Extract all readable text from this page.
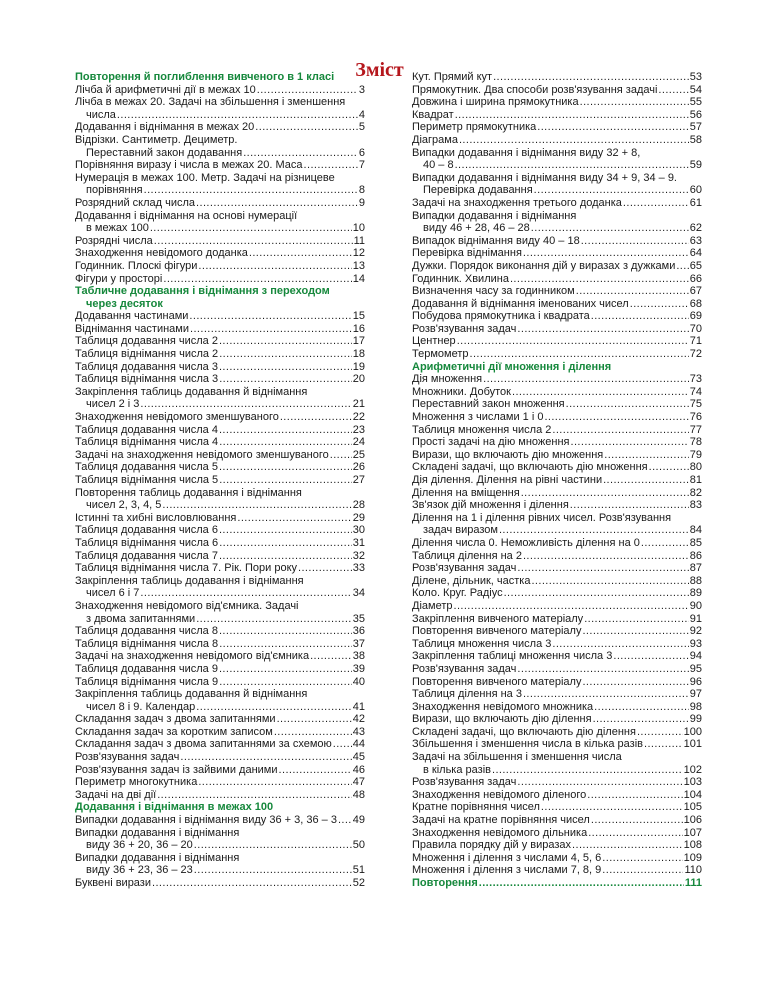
Зміст
Повторення й поглиблення вивченого в 1 класі
Лічба й арифметичні дії в межах 10 .....	3
Лічба в межах 20. Задачі на збільшення і зменшення
числа .....	4
Додавання і віднімання в межах 20 .....	5
Відрізки. Сантиметр. Дециметр.
Переставний закон додавання .....	6
Порівняння виразу і числа в межах 20. Маса .....	7
Нумерація в межах 100. Метр. Задачі на різницеве
порівняння .....	8
Розрядний склад числа .....	9
Додавання і віднімання на основі нумерації
в межах 100 .....	10
Розрядні числа .....	11
Знаходження невідомого доданка .....	12
Годинник. Плоскі фігури .....	13
Фігури у просторі .....	14
Табличне додавання і віднімання з переходом
через десяток
Додавання частинами .....	15
Віднімання частинами .....	16
Таблиця додавання числа 2 .....	17
Таблиця віднімання числа 2 .....	18
Таблиця додавання числа 3 .....	19
Таблиця віднімання числа 3 .....	20
Закріплення таблиць додавання й віднімання
чисел 2 і 3 .....	21
Знаходження невідомого зменшуваного .....	22
Таблиця додавання числа 4 .....	23
Таблиця віднімання числа 4 .....	24
Задачі на знаходження невідомого зменшуваного ..... 25
Таблиця додавання числа 5 .....	26
Таблиця віднімання числа 5 .....	27
Повторення таблиць додавання і віднімання
чисел 2, 3, 4, 5 .....	28
Істинні та хибні висловлювання .....	29
Таблиця додавання числа 6 .....	30
Таблиця віднімання числа 6 .....	31
Таблиця додавання числа 7 .....	32
Таблиця віднімання числа 7. Рік. Пори року .....	33
Закріплення таблиць додавання і віднімання
чисел 6 і 7 .....	34
Знаходження невідомого від'ємника. Задачі
з двома запитаннями .....	35
Таблиця додавання числа 8 .....	36
Таблиця віднімання числа 8 .....	37
Задачі на знаходження невідомого від'ємника .....	38
Таблиця додавання числа 9 .....	39
Таблиця віднімання числа 9 .....	40
Закріплення таблиць додавання й віднімання
чисел 8 і 9. Календар .....	41
Складання задач з двома запитаннями .....	42
Складання задач за коротким записом .....	43
Складання задач з двома запитаннями за схемою ..... 44
Розв'язування задач .....	45
Розв'язування задач із зайвими даними .....	46
Периметр многокутника .....	47
Задачі на дві дії .....	48
Додавання і віднімання в межах 100
Випадки додавання і віднімання виду 36 + 3, 36 – 3 ..... 49
Випадки додавання і віднімання
виду 36 + 20, 36 – 20 .....	50
Випадки додавання і віднімання
виду 36 + 23, 36 – 23 .....	51
Буквені вирази .....	52
Кут. Прямий кут .....	53
Прямокутник. Два способи розв'язування задачі .....	54
Довжина і ширина прямокутника .....	55
Квадрат .....	56
Периметр прямокутника .....	57
Діаграма .....	58
Випадки додавання і віднімання виду 32 + 8,
40 – 8 .....	59
Випадки додавання і віднімання виду 34 + 9, 34 – 9.
Перевірка додавання .....	60
Задачі на знаходження третього доданка .....	61
Випадки додавання і віднімання
виду 46 + 28, 46 – 28 .....	62
Випадок віднімання виду 40 – 18 .....	63
Перевірка віднімання .....	64
Дужки. Порядок виконання дій у виразах з дужками ..... 65
Годинник. Хвилина .....	66
Визначення часу за годинником .....	67
Додавання й віднімання іменованих чисел .....	68
Побудова прямокутника і квадрата .....	69
Розв'язування задач .....	70
Центнер .....	71
Термометр .....	72
Арифметичні дії множення і ділення
Дія множення .....	73
Множники. Добуток .....	74
Переставний закон множення .....	75
Множення з числами 1 і 0 .....	76
Таблиця множення числа 2 .....	77
Прості задачі на дію множення .....	78
Вирази, що включають дію множення .....	79
Складені задачі, що включають дію множення .....	80
Дія ділення. Ділення на рівні частини .....	81
Ділення на вміщення .....	82
Зв'язок дій множення і ділення .....	83
Ділення на 1 і ділення рівних чисел. Розв'язування
задач виразом .....	84
Ділення числа 0. Неможливість ділення на 0 .....	85
Таблиця ділення на 2 .....	86
Розв'язування задач .....	87
Ділене, дільник, частка .....	88
Коло. Круг. Радіус .....	89
Діаметр .....	90
Закріплення вивченого матеріалу .....	91
Повторення вивченого матеріалу .....	92
Таблиця множення числа 3 .....	93
Закріплення таблиці множення числа 3 .....	94
Розв'язування задач .....	95
Повторення вивченого матеріалу .....	96
Таблиця ділення на 3 .....	97
Знаходження невідомого множника .....	98
Вирази, що включають дію ділення .....	99
Складені задачі, що включають дію ділення .....	100
Збільшення і зменшення числа в кілька разів .....	101
Задачі на збільшення і зменшення числа
в кілька разів .....	102
Розв'язування задач .....	103
Знаходження невідомого діленого .....	104
Кратне порівняння чисел .....	105
Задачі на кратне порівняння чисел .....	106
Знаходження невідомого дільника .....	107
Правила порядку дій у виразах .....	108
Множення і ділення з числами 4, 5, 6 .....	109
Множення і ділення з числами 7, 8, 9 .....	110
Повторення .....	111
